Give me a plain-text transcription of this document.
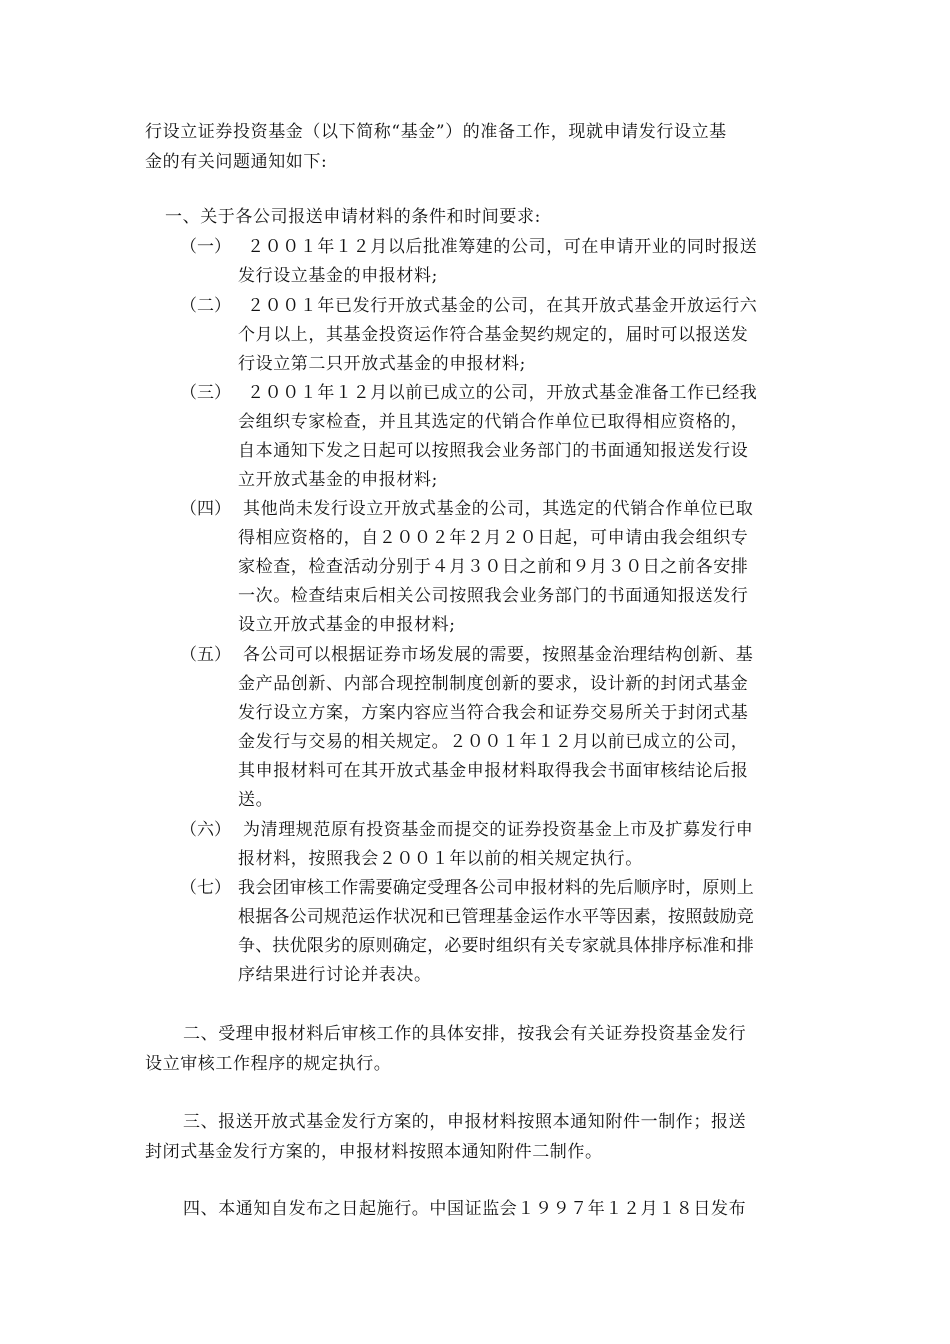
行设立证券投资基金（以下简称“基金”）的准备工作，现就申请发行设立基
金的有关问题通知如下:
一、关于各公司报送申请材料的条件和时间要求:
（一） ２００１年１２月以后批准筹建的公司，可在申请开业的同时报送
发行设立基金的申报材料;
（二） ２００１年已发行开放式基金的公司，在其开放式基金开放运行六
个月以上，其基金投资运作符合基金契约规定的，届时可以报送发
行设立第二只开放式基金的申报材料;
（三） ２００１年１２月以前已成立的公司，开放式基金准备工作已经我
会组织专家检查，并且其选定的代销合作单位已取得相应资格的，
自本通知下发之日起可以按照我会业务部门的书面通知报送发行设
立开放式基金的申报材料;
（四） 其他尚未发行设立开放式基金的公司，其选定的代销合作单位已取
得相应资格的，自２００２年２月２０日起，可申请由我会组织专
家检查，检查活动分别于４月３０日之前和９月３０日之前各安排
一次。检查结束后相关公司按照我会业务部门的书面通知报送发行
设立开放式基金的申报材料;
（五） 各公司可以根据证券市场发展的需要，按照基金治理结构创新、基
金产品创新、内部合现控制制度创新的要求，设计新的封闭式基金
发行设立方案，方案内容应当符合我会和证券交易所关于封闭式基
金发行与交易的相关规定。２００１年１２月以前已成立的公司，
其申报材料可在其开放式基金申报材料取得我会书面审核结论后报
送。
（六） 为清理规范原有投资基金而提交的证券投资基金上市及扩募发行申
报材料，按照我会２００１年以前的相关规定执行。
（七） 我会团审核工作需要确定受理各公司申报材料的先后顺序时，原则上
根据各公司规范运作状况和已管理基金运作水平等因素，按照鼓励竞
争、扶优限劣的原则确定，必要时组织有关专家就具体排序标准和排
序结果进行讨论并表决。
二、受理申报材料后审核工作的具体安排，按我会有关证券投资基金发行
设立审核工作程序的规定执行。
三、报送开放式基金发行方案的，申报材料按照本通知附件一制作；报送
封闭式基金发行方案的，申报材料按照本通知附件二制作。
四、本通知自发布之日起施行。中国证监会１９９７年１２月１８日发布
